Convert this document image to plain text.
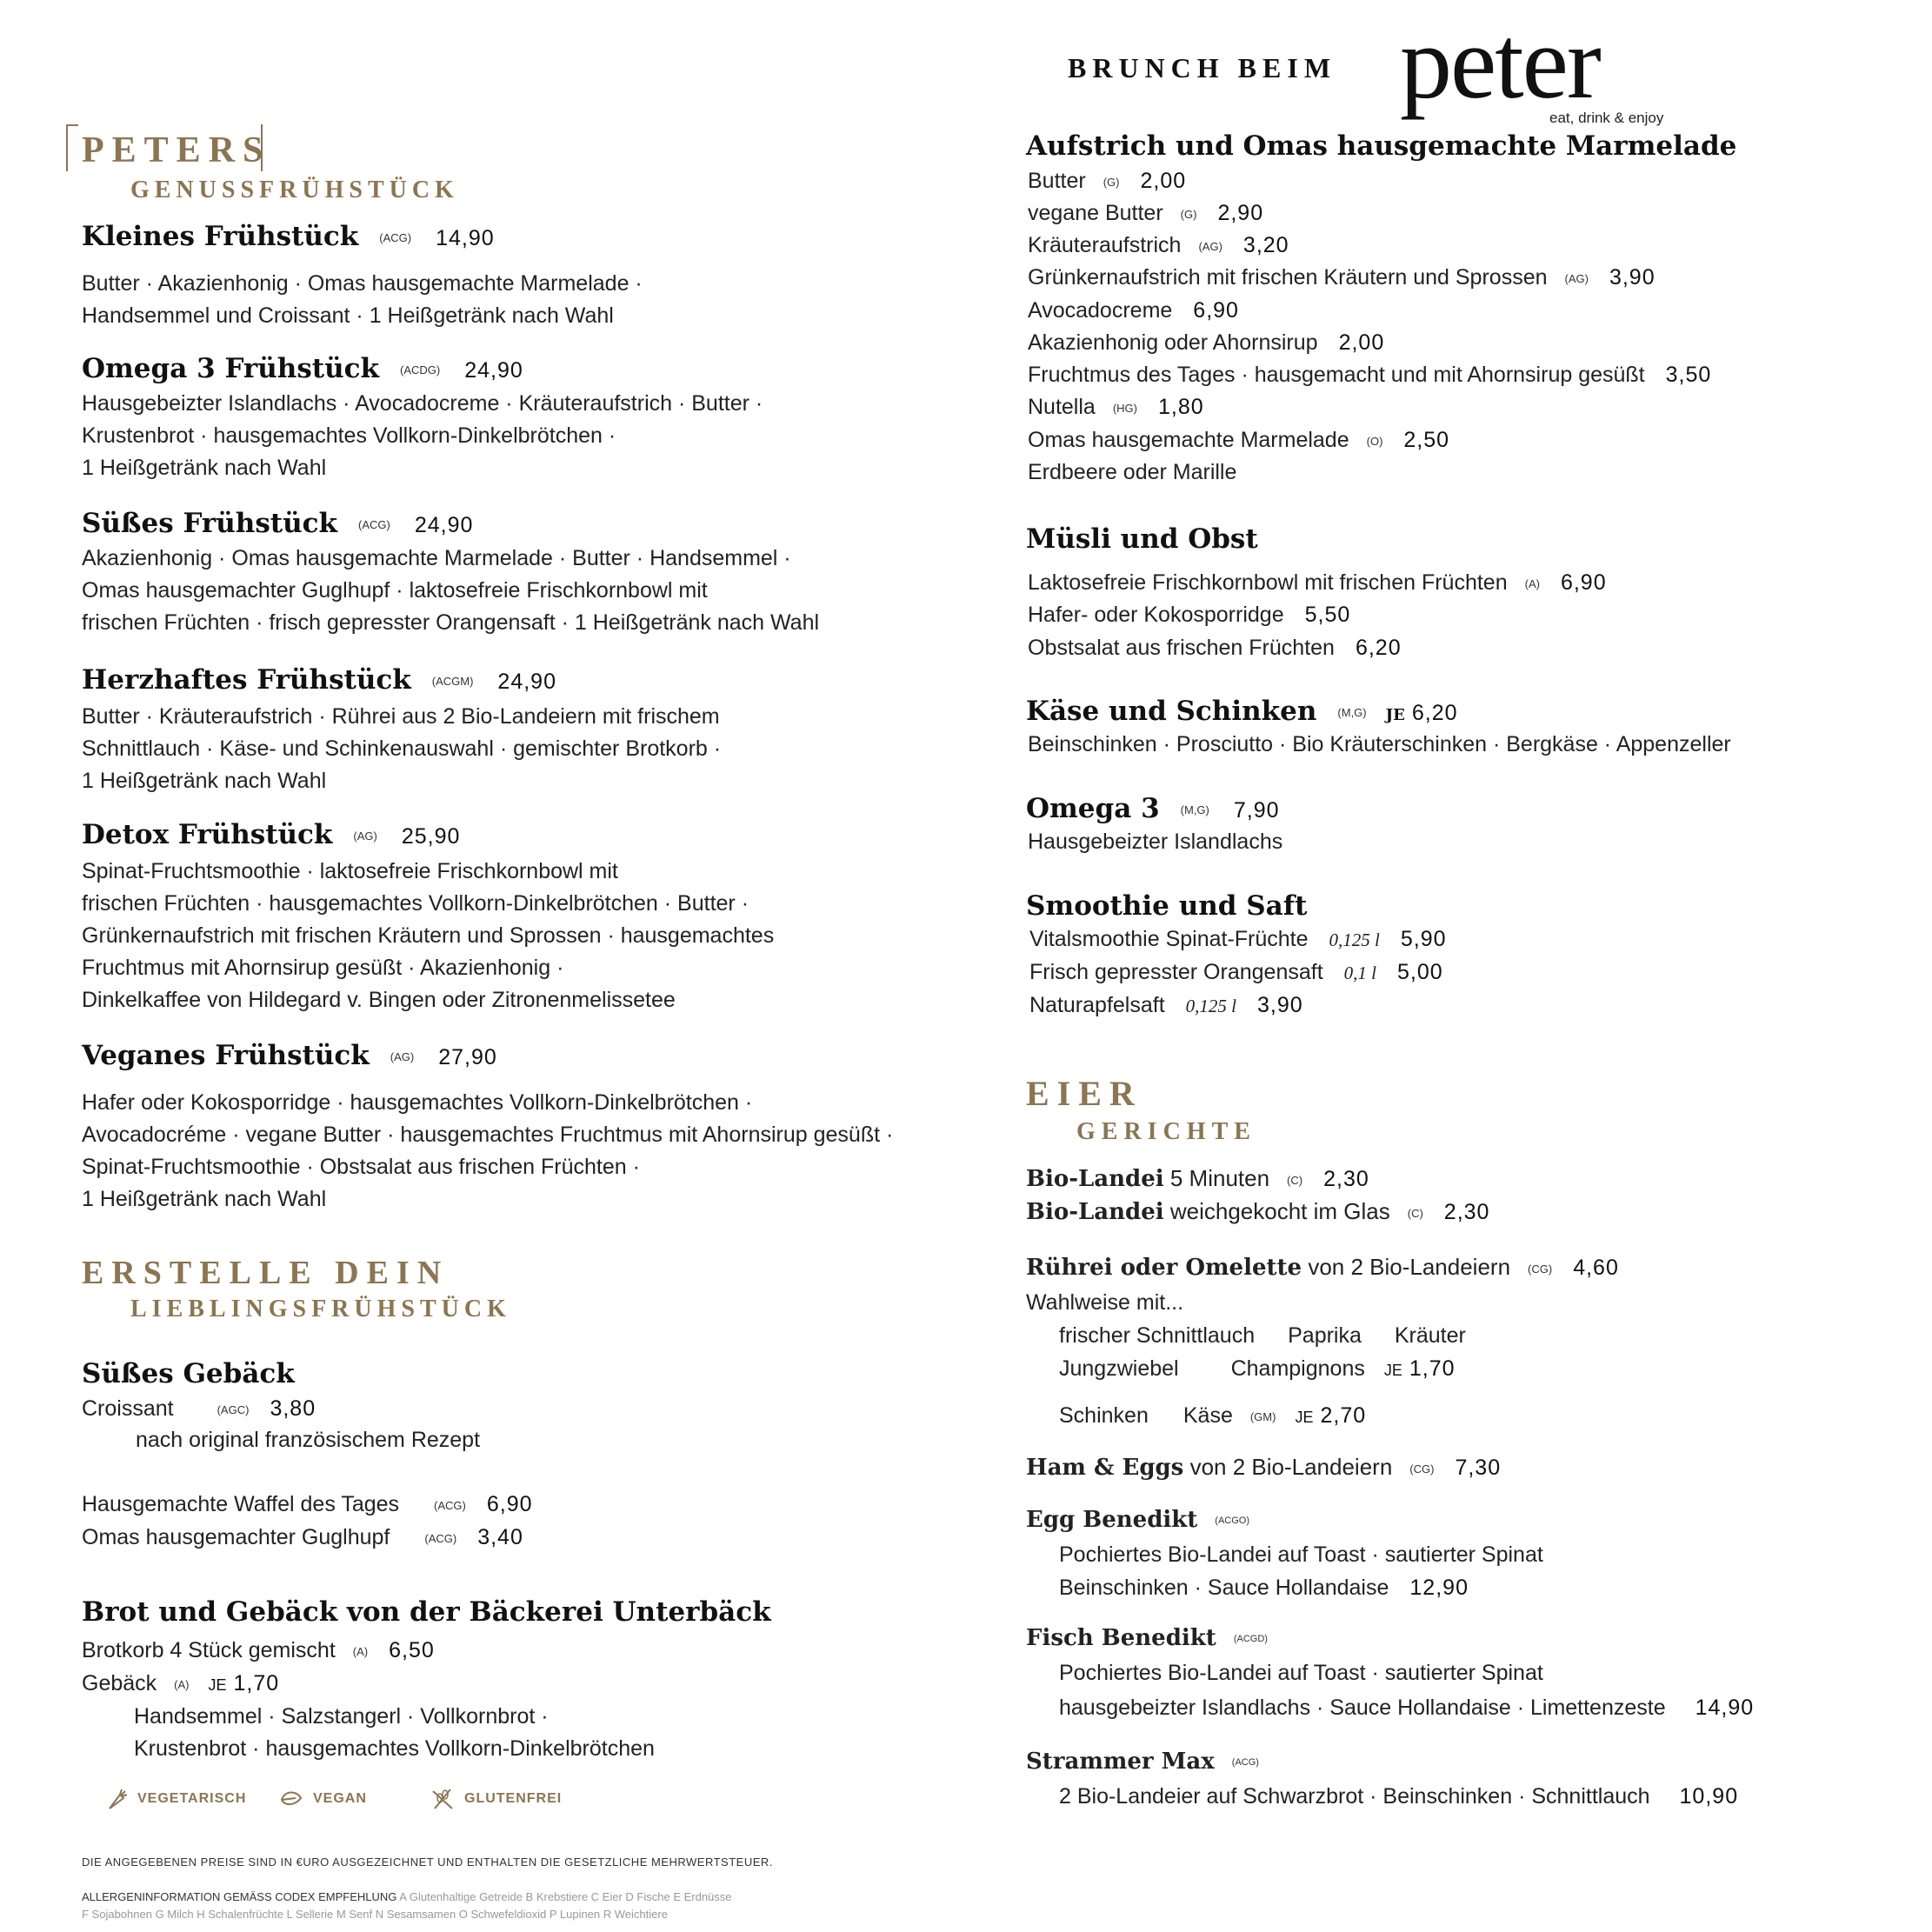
BRUNCH BEIM peter
eat, drink & enjoy
PETERS
GENUSSFRÜHSTÜCK
Kleines Frühstück (ACG) 14,90
Butter · Akazienhonig · Omas hausgemachte Marmelade ·
Handsemmel und Croissant · 1 Heißgetränk nach Wahl
Omega 3 Frühstück (ACDG) 24,90
Hausgebeizter Islandlachs · Avocadocreme · Kräuteraufstrich · Butter ·
Krustenbrot · hausgemachtes Vollkorn-Dinkelbrötchen ·
1 Heißgetränk nach Wahl
Süßes Frühstück (ACG) 24,90
Akazienhonig · Omas hausgemachte Marmelade · Butter · Handsemmel ·
Omas hausgemachter Guglhupf · laktosefreie Frischkornbowl mit
frischen Früchten · frisch gepresster Orangensaft · 1 Heißgetränk nach Wahl
Herzhaftes Frühstück (ACGM) 24,90
Butter · Kräuteraufstrich · Rührei aus 2 Bio-Landeiern mit frischem
Schnittlauch · Käse- und Schinkenauswahl · gemischter Brotkorb ·
1 Heißgetränk nach Wahl
Detox Frühstück (AG) 25,90
Spinat-Fruchtsmoothie · laktosefreie Frischkornbowl mit
frischen Früchten · hausgemachtes Vollkorn-Dinkelbrötchen · Butter ·
Grünkernaufstrich mit frischen Kräutern und Sprossen · hausgemachtes
Fruchtmus mit Ahornsirup gesüßt · Akazienhonig ·
Dinkelkaffee von Hildegard v. Bingen oder Zitronenmelissetee
Veganes Frühstück (AG) 27,90
Hafer oder Kokosporridge · hausgemachtes Vollkorn-Dinkelbrötchen ·
Avocadocréme · vegane Butter · hausgemachtes Fruchtmus mit Ahornsirup gesüßt ·
Spinat-Fruchtsmoothie · Obstsalat aus frischen Früchten ·
1 Heißgetränk nach Wahl
ERSTELLE DEIN
LIEBLINGSFRÜHSTÜCK
Süßes Gebäck
Croissant	(AGC) 3,80
nach original französischem Rezept
Hausgemachte Waffel des Tages	(ACG) 6,90
Omas hausgemachter Guglhupf	(ACG) 3,40
Brot und Gebäck von der Bäckerei Unterbäck
Brotkorb 4 Stück gemischt (A) 6,50
Gebäck (A) JE 1,70
Handsemmel · Salzstangerl · Vollkornbrot ·
Krustenbrot · hausgemachtes Vollkorn-Dinkelbrötchen
VEGETARISCH	VEGAN	GLUTENFREI
DIE ANGEGEBENEN PREISE SIND IN €URO AUSGEZEICHNET UND ENTHALTEN DIE GESETZLICHE MEHRWERTSTEUER.
ALLERGENINFORMATION GEMÄSS CODEX EMPFEHLUNG A Glutenhaltige Getreide B Krebstiere C Eier D Fische E Erdnüsse
F Sojabohnen G Milch H Schalenfrüchte L Sellerie M Senf N Sesamsamen O Schwefeldioxid P Lupinen R Weichtiere
Aufstrich und Omas hausgemachte Marmelade
Butter (G) 2,00
vegane Butter (G) 2,90
Kräuteraufstrich (AG) 3,20
Grünkernaufstrich mit frischen Kräutern und Sprossen (AG) 3,90
Avocadocreme 6,90
Akazienhonig oder Ahornsirup 2,00
Fruchtmus des Tages · hausgemacht und mit Ahornsirup gesüßt 3,50
Nutella (HG) 1,80
Omas hausgemachte Marmelade (O) 2,50
Erdbeere oder Marille
Müsli und Obst
Laktosefreie Frischkornbowl mit frischen Früchten (A) 6,90
Hafer- oder Kokosporridge 5,50
Obstsalat aus frischen Früchten 6,20
Käse und Schinken (M,G) JE 6,20
Beinschinken · Prosciutto · Bio Kräuterschinken · Bergkäse · Appenzeller
Omega 3 (M,G) 7,90
Hausgebeizter Islandlachs
Smoothie und Saft
Vitalsmoothie Spinat-Früchte 0,125 l 5,90
Frisch gepresster Orangensaft 0,1 l 5,00
Naturapfelsaft 0,125 l 3,90
EIER
GERICHTE
Bio-Landei 5 Minuten (C) 2,30
Bio-Landei weichgekocht im Glas (C) 2,30
Rührei oder Omelette von 2 Bio-Landeiern (CG) 4,60
Wahlweise mit...
frischer Schnittlauch Paprika Kräuter
Jungzwiebel Champignons JE 1,70
Schinken Käse (GM) JE 2,70
Ham & Eggs von 2 Bio-Landeiern (CG) 7,30
Egg Benedikt (ACGO)
Pochiertes Bio-Landei auf Toast · sautierter Spinat
Beinschinken · Sauce Hollandaise 12,90
Fisch Benedikt (ACGD)
Pochiertes Bio-Landei auf Toast · sautierter Spinat
hausgebeizter Islandlachs · Sauce Hollandaise · Limettenzeste 14,90
Strammer Max (ACG)
2 Bio-Landeier auf Schwarzbrot · Beinschinken · Schnittlauch 10,90
